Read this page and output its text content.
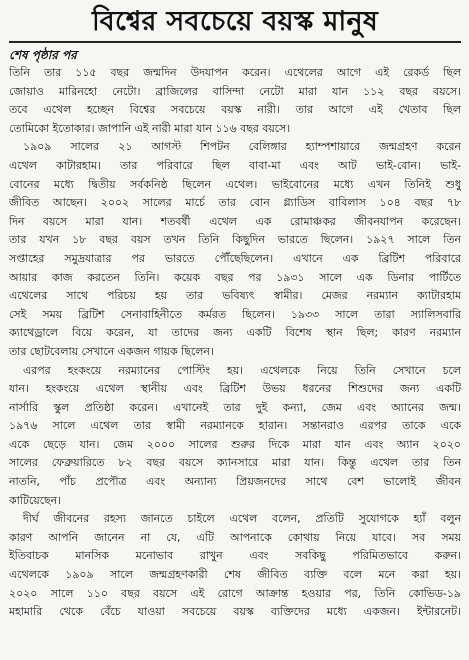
বিশ্বের সবচেয়ে বয়স্ক মানুষ
শেষ পৃষ্ঠার পর
তিনি তার ১১৫ বছর জন্মদিন উদযাপন করেন। এথেলের আগে এই রেকর্ড ছিল
জোয়াও মারিনহো নেটো। ব্রাজিলের বাসিন্দা নেটো মারা যান ১১২ বছর বয়সে।
তবে এথেল হচ্ছেন বিশ্বের সবচেয়ে বয়স্ক নারী। তার আগে এই খেতাব ছিল
তোমিকো ইতোকার। জাপানি এই নারী মারা যান ১১৬ বছর বয়সে।
১৯০৯ সালের ২১ আগস্ট শিপটন বেলিঙ্গার হ্যাম্পশায়ারে জন্মগ্রহণ করেন
এথেল কাটারহাম। তার পরিবারে ছিল বাবা-মা এবং আট ভাই-বোন। ভাই-
বোনের মধ্যে দ্বিতীয় সর্বকনিষ্ঠ ছিলেন এথেল। ভাইবোনের মধ্যে এখন তিনিই শুধু
জীবিত আছেন। ২০০২ সালের মার্চে তার বোন গ্ল্যাডিস বাবিলাস ১০৪ বছর ৭৮
দিন বয়সে মারা যান। শতবর্ষী এথেল এক রোমাঞ্চকর জীবনযাপন করেছেন।
তার যখন ১৮ বছর বয়স তখন তিনি কিছুদিন ভারতে ছিলেন। ১৯২৭ সালে তিন
সপ্তাহের সমুদ্রযাত্রার পর ভারতে পৌঁছেছিলেন। এখানে এক ব্রিটিশ পরিবারে
আয়ার কাজ করতেন তিনি। কয়েক বছর পর ১৯৩১ সালে এক ডিনার পার্টিতে
এথেলের সাথে পরিচয় হয় তার ভবিষ্যৎ স্বামীর। মেজর নরম্যান ক্যাটারহাম
সেই সময় ব্রিটিশ সেনাবাহিনীতে কর্মরত ছিলেন। ১৯৩৩ সালে তারা স্যালিসবারি
ক্যাথেড্রালে বিয়ে করেন, যা তাদের জন্য একটি বিশেষ স্থান ছিল; কারণ নরম্যান
তার ছোটবেলায় সেখানে একজন গায়ক ছিলেন।
এরপর হংকংয়ে নরম্যানের পোস্টিং হয়। এথেলকে নিয়ে তিনি সেখানে চলে
যান। হংকংয়ে এথেল স্থানীয় এবং ব্রিটিশ উভয় ধরনের শিশুদের জন্য একটি
নার্সারি স্কুল প্রতিষ্ঠা করেন। এখানেই তার দুই কন্যা, জেম এবং অ্যানের জন্ম।
১৯৭৬ সালে এথেল তার স্বামী নরম্যানকে হারান। সন্তানরাও এরপর তাকে একে
একে ছেড়ে যান। জেম ২০০০ সালের শুরুর দিকে মারা যান এবং অ্যান ২০২০
সালের ফেব্রুয়ারিতে ৮২ বছর বয়সে ক্যানসারে মারা যান। কিন্তু এথেল তার তিন
নাতনি, পাঁচ প্রপৌত্র এবং অন্যান্য প্রিয়জনদের সাথে বেশ ভালোই জীবন
কাটিয়েছেন।
দীর্ঘ জীবনের রহস্য জানতে চাইলে এথেল বলেন, প্রতিটি সুযোগকে হ্যাঁ বলুন
কারণ আপনি জানেন না যে, এটি আপনাকে কোথায় নিয়ে যাবে। সব সময়
ইতিবাচক মানসিক মনোভাব রাখুন এবং সবকিছু পরিমিতভাবে করুন।
এথেলকে ১৯০৯ সালে জন্মগ্রহণকারী শেষ জীবিত ব্যক্তি বলে মনে করা হয়।
২০২০ সালে ১১০ বছর বয়সে এই রোগে আক্রান্ত হওয়ার পর, তিনি কোভিড-১৯
মহামারি থেকে বেঁচে যাওয়া সবচেয়ে বয়স্ক ব্যক্তিদের মধ্যে একজন। ইন্টারনেট।
